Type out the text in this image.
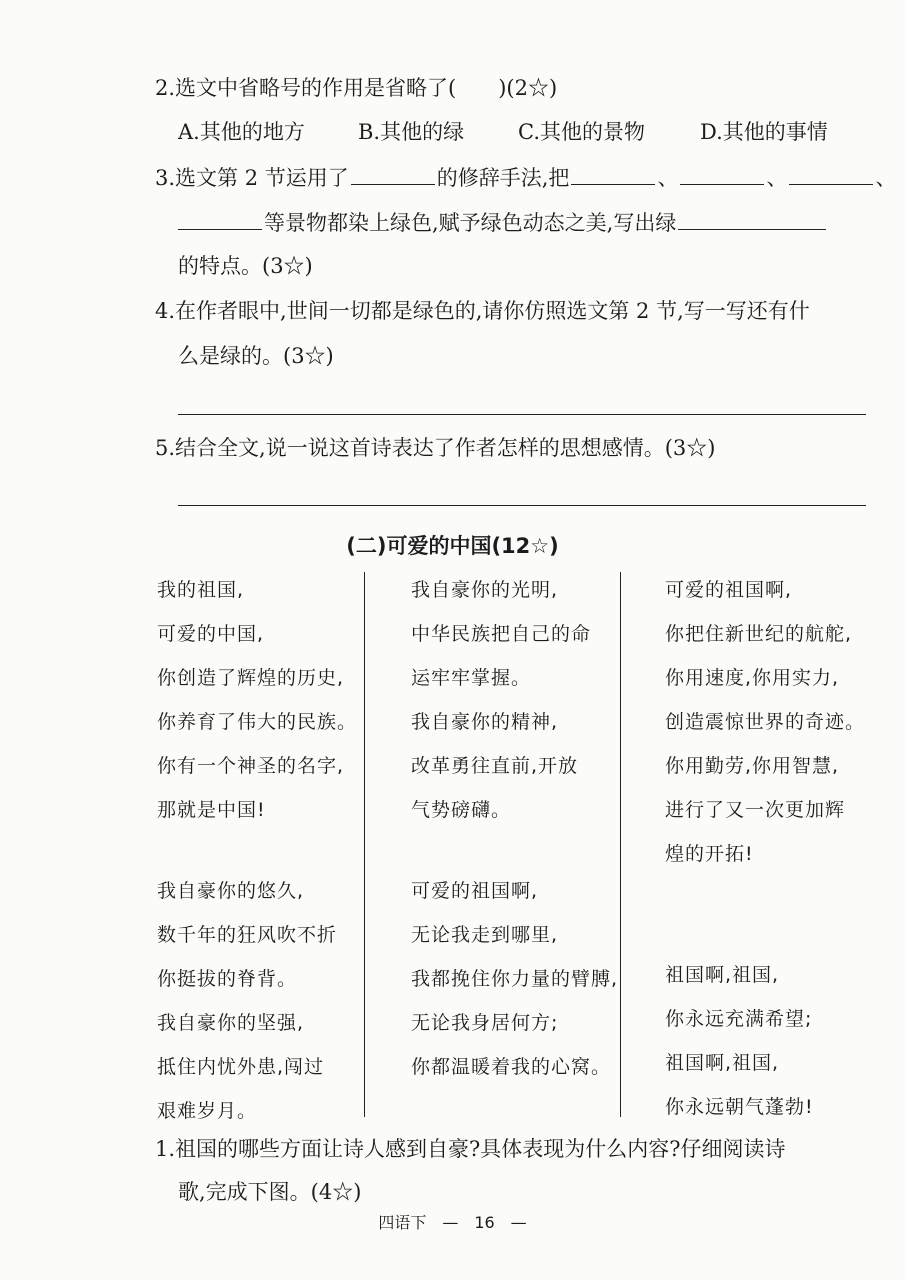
2.选文中省略号的作用是省略了(　　)(2☆)
A.其他的地方	B.其他的绿	C.其他的景物	D.其他的事情
3.选文第 2 节运用了	的修辞手法,把	、	、	、
等景物都染上绿色,赋予绿色动态之美,写出绿
的特点。(3☆)
4.在作者眼中,世间一切都是绿色的,请你仿照选文第 2 节,写一写还有什
么是绿的。(3☆)
5.结合全文,说一说这首诗表达了作者怎样的思想感情。(3☆)
(二)可爱的中国(12☆)
我的祖国,
可爱的中国,
你创造了辉煌的历史,
你养育了伟大的民族。
你有一个神圣的名字,
那就是中国!
我自豪你的悠久,
数千年的狂风吹不折
你挺拔的脊背。
我自豪你的坚强,
抵住内忧外患,闯过
艰难岁月。
我自豪你的光明,
中华民族把自己的命
运牢牢掌握。
我自豪你的精神,
改革勇往直前,开放
气势磅礴。
可爱的祖国啊,
无论我走到哪里,
我都挽住你力量的臂膊,
无论我身居何方;
你都温暖着我的心窝。
可爱的祖国啊,
你把住新世纪的航舵,
你用速度,你用实力,
创造震惊世界的奇迹。
你用勤劳,你用智慧,
进行了又一次更加辉
煌的开拓!
祖国啊,祖国,
你永远充满希望;
祖国啊,祖国,
你永远朝气蓬勃!
1.祖国的哪些方面让诗人感到自豪?具体表现为什么内容?仔细阅读诗
歌,完成下图。(4☆)
四语下　—　16　—
